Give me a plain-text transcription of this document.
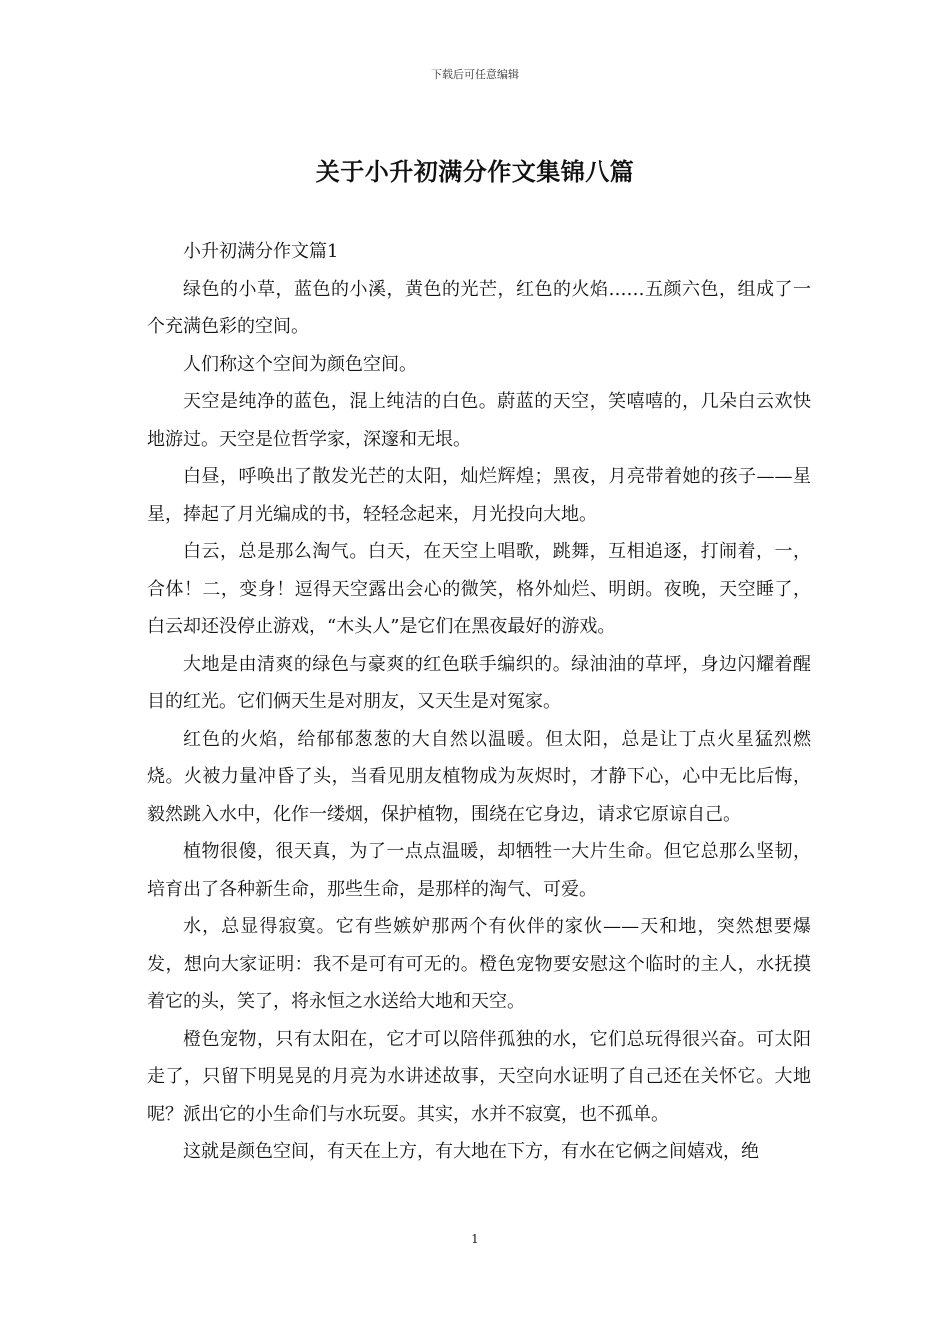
下载后可任意编辑
关于小升初满分作文集锦八篇

小升初满分作文篇1

绿色的小草，蓝色的小溪，黄色的光芒，红色的火焰……五颜六色，组成了一个充满色彩的空间。

人们称这个空间为颜色空间。

天空是纯净的蓝色，混上纯洁的白色。蔚蓝的天空，笑嘻嘻的，几朵白云欢快地游过。天空是位哲学家，深邃和无垠。

白昼，呼唤出了散发光芒的太阳，灿烂辉煌；黑夜，月亮带着她的孩子——星星，捧起了月光编成的书，轻轻念起来，月光投向大地。

白云，总是那么淘气。白天，在天空上唱歌，跳舞，互相追逐，打闹着，一，合体！二，变身！逗得天空露出会心的微笑，格外灿烂、明朗。夜晚，天空睡了，白云却还没停止游戏，“木头人”是它们在黑夜最好的游戏。

大地是由清爽的绿色与豪爽的红色联手编织的。绿油油的草坪，身边闪耀着醒目的红光。它们俩天生是对朋友，又天生是对冤家。

红色的火焰，给郁郁葱葱的大自然以温暖。但太阳，总是让丁点火星猛烈燃烧。火被力量冲昏了头，当看见朋友植物成为灰烬时，才静下心，心中无比后悔，毅然跳入水中，化作一缕烟，保护植物，围绕在它身边，请求它原谅自己。

植物很傻，很天真，为了一点点温暖，却牺牲一大片生命。但它总那么坚韧，培育出了各种新生命，那些生命，是那样的淘气、可爱。

水，总显得寂寞。它有些嫉妒那两个有伙伴的家伙——天和地，突然想要爆发，想向大家证明：我不是可有可无的。橙色宠物要安慰这个临时的主人，水抚摸着它的头，笑了，将永恒之水送给大地和天空。

橙色宠物，只有太阳在，它才可以陪伴孤独的水，它们总玩得很兴奋。可太阳走了，只留下明晃晃的月亮为水讲述故事，天空向水证明了自己还在关怀它。大地呢？派出它的小生命们与水玩耍。其实，水并不寂寞，也不孤单。

这就是颜色空间，有天在上方，有大地在下方，有水在它俩之间嬉戏，绝

1
